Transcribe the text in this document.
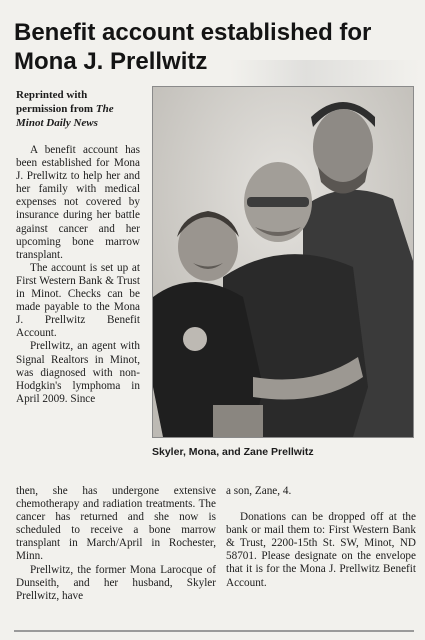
Benefit account established for Mona J. Prellwitz
Reprinted with permission from The Minot Daily News

A benefit account has been established for Mona J. Prellwitz to help her and her family with medical expenses not covered by insurance during her battle against cancer and her upcoming bone marrow transplant.

The account is set up at First Western Bank & Trust in Minot. Checks can be made payable to the Mona J. Prellwitz Benefit Account.

Prellwitz, an agent with Signal Realtors in Minot, was diagnosed with non-Hodgkin's lymphoma in April 2009. Since

Skyler, Mona, and Zane Prellwitz

then, she has undergone extensive chemotherapy and radiation treatments. The cancer has returned and she now is scheduled to receive a bone marrow transplant in March/April in Rochester, Minn.

Prellwitz, the former Mona Larocque of Dunseith, and her husband, Skyler Prellwitz, have

a son, Zane, 4.

Donations can be dropped off at the bank or mail them to: First Western Bank & Trust, 2200-15th St. SW, Minot, ND 58701. Please designate on the envelope that it is for the Mona J. Prellwitz Benefit Account.
